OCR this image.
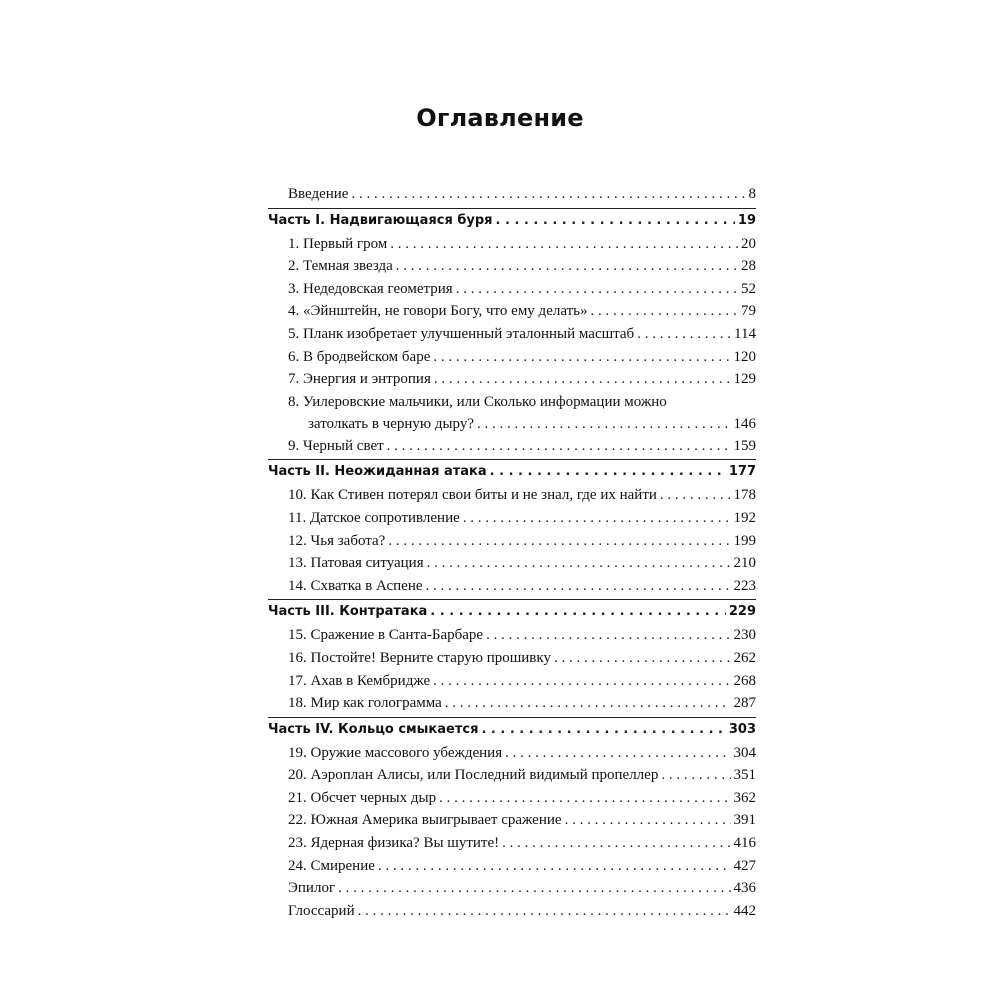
Оглавление
Введение . . .	8
Часть I. Надвигающаяся буря . . .	19
1. Первый гром . . .	20
2. Темная звезда . . .	28
3. Недедовская геометрия . . .	52
4. «Эйнштейн, не говори Богу, что ему делать» . . .	79
5. Планк изобретает улучшенный эталонный масштаб . . .	114
6. В бродвейском баре . . .	120
7. Энергия и энтропия . . .	129
8. Уилеровские мальчики, или Сколько информации можно
затолкать в черную дыру? . . .	146
9. Черный свет . . .	159
Часть II. Неожиданная атака . . .	177
10. Как Стивен потерял свои биты и не знал, где их найти . . .	178
11. Датское сопротивление . . .	192
12. Чья забота? . . .	199
13. Патовая ситуация . . .	210
14. Схватка в Аспене . . .	223
Часть III. Контратака . . .	229
15. Сражение в Санта-Барбаре . . .	230
16. Постойте! Верните старую прошивку . . .	262
17. Ахав в Кембридже . . .	268
18. Мир как голограмма . . .	287
Часть IV. Кольцо смыкается . . .	303
19. Оружие массового убеждения . . .	304
20. Аэроплан Алисы, или Последний видимый пропеллер . . .	351
21. Обсчет черных дыр . . .	362
22. Южная Америка выигрывает сражение . . .	391
23. Ядерная физика? Вы шутите! . . .	416
24. Смирение . . .	427
Эпилог . . .	436
Глоссарий . . .	442
